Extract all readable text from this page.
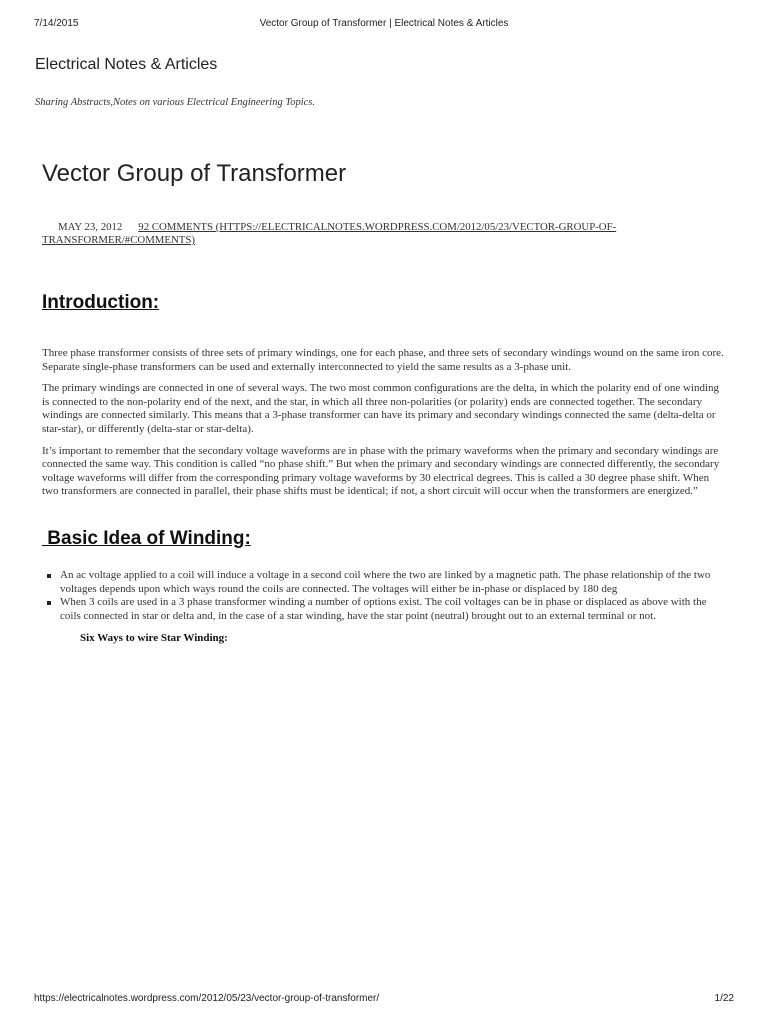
7/14/2015	Vector Group of Transformer | Electrical Notes & Articles
Electrical Notes & Articles
Sharing Abstracts,Notes on various Electrical Engineering Topics.
Vector Group of Transformer
MAY 23, 2012 92 COMMENTS (HTTPS://ELECTRICALNOTES.WORDPRESS.COM/2012/05/23/VECTOR-GROUP-OF-TRANSFORMER/#COMMENTS)
Introduction:

Three phase transformer consists of three sets of primary windings, one for each phase, and three sets of secondary windings wound on the same iron core. Separate single-phase transformers can be used and externally interconnected to yield the same results as a 3-phase unit.

The primary windings are connected in one of several ways. The two most common configurations are the delta, in which the polarity end of one winding is connected to the non-polarity end of the next, and the star, in which all three non-polarities (or polarity) ends are connected together. The secondary windings are connected similarly. This means that a 3-phase transformer can have its primary and secondary windings connected the same (delta-delta or star-star), or differently (delta-star or star-delta).

It’s important to remember that the secondary voltage waveforms are in phase with the primary waveforms when the primary and secondary windings are connected the same way. This condition is called “no phase shift.” But when the primary and secondary windings are connected differently, the secondary voltage waveforms will differ from the corresponding primary voltage waveforms by 30 electrical degrees. This is called a 30 degree phase shift. When two transformers are connected in parallel, their phase shifts must be identical; if not, a short circuit will occur when the transformers are energized.”

Basic Idea of Winding:
An ac voltage applied to a coil will induce a voltage in a second coil where the two are linked by a magnetic path. The phase relationship of the two voltages depends upon which ways round the coils are connected. The voltages will either be in-phase or displaced by 180 deg
When 3 coils are used in a 3 phase transformer winding a number of options exist. The coil voltages can be in phase or displaced as above with the coils connected in star or delta and, in the case of a star winding, have the star point (neutral) brought out to an external terminal or not.
Six Ways to wire Star Winding:
https://electricalnotes.wordpress.com/2012/05/23/vector-group-of-transformer/	1/22
